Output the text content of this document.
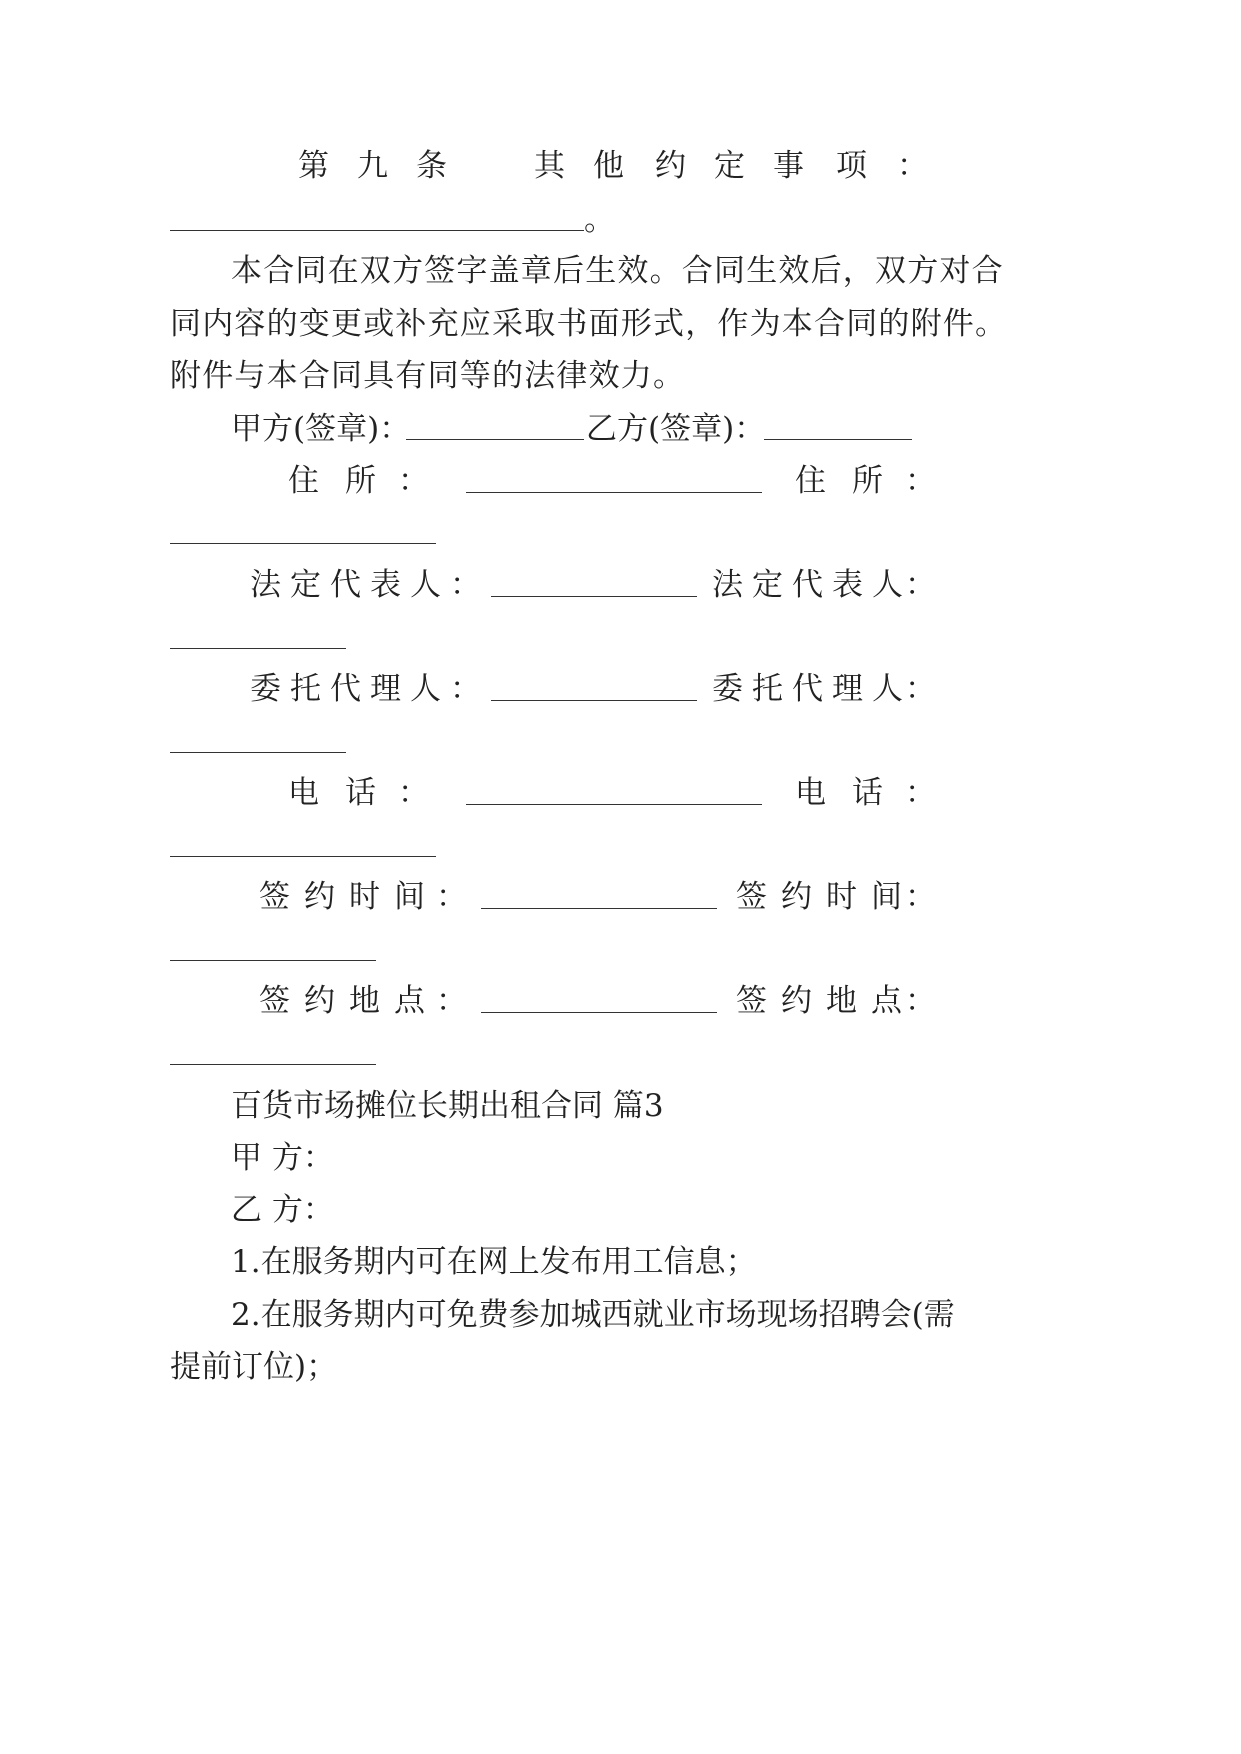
第 九 条	其 他 约 定 事 项 ：
。
本合同在双方签字盖章后生效。合同生效后，双方对合
同内容的变更或补充应采取书面形式，作为本合同的附件。
附件与本合同具有同等的法律效力。
甲方(签章)：	乙方(签章)：
住 所 ：	住 所 ：
法 定 代 表 人 ：	法 定 代 表 人 ：
委 托 代 理 人 ：	委 托 代 理 人 ：
电 话 ：	电 话 ：
签 约 时 间 ：	签 约 时 间 ：
签 约 地 点 ：	签 约 地 点 ：
百货市场摊位长期出租合同 篇3
甲 方：
乙 方：
1.在服务期内可在网上发布用工信息；
2.在服务期内可免费参加城西就业市场现场招聘会(需
提前订位)；
